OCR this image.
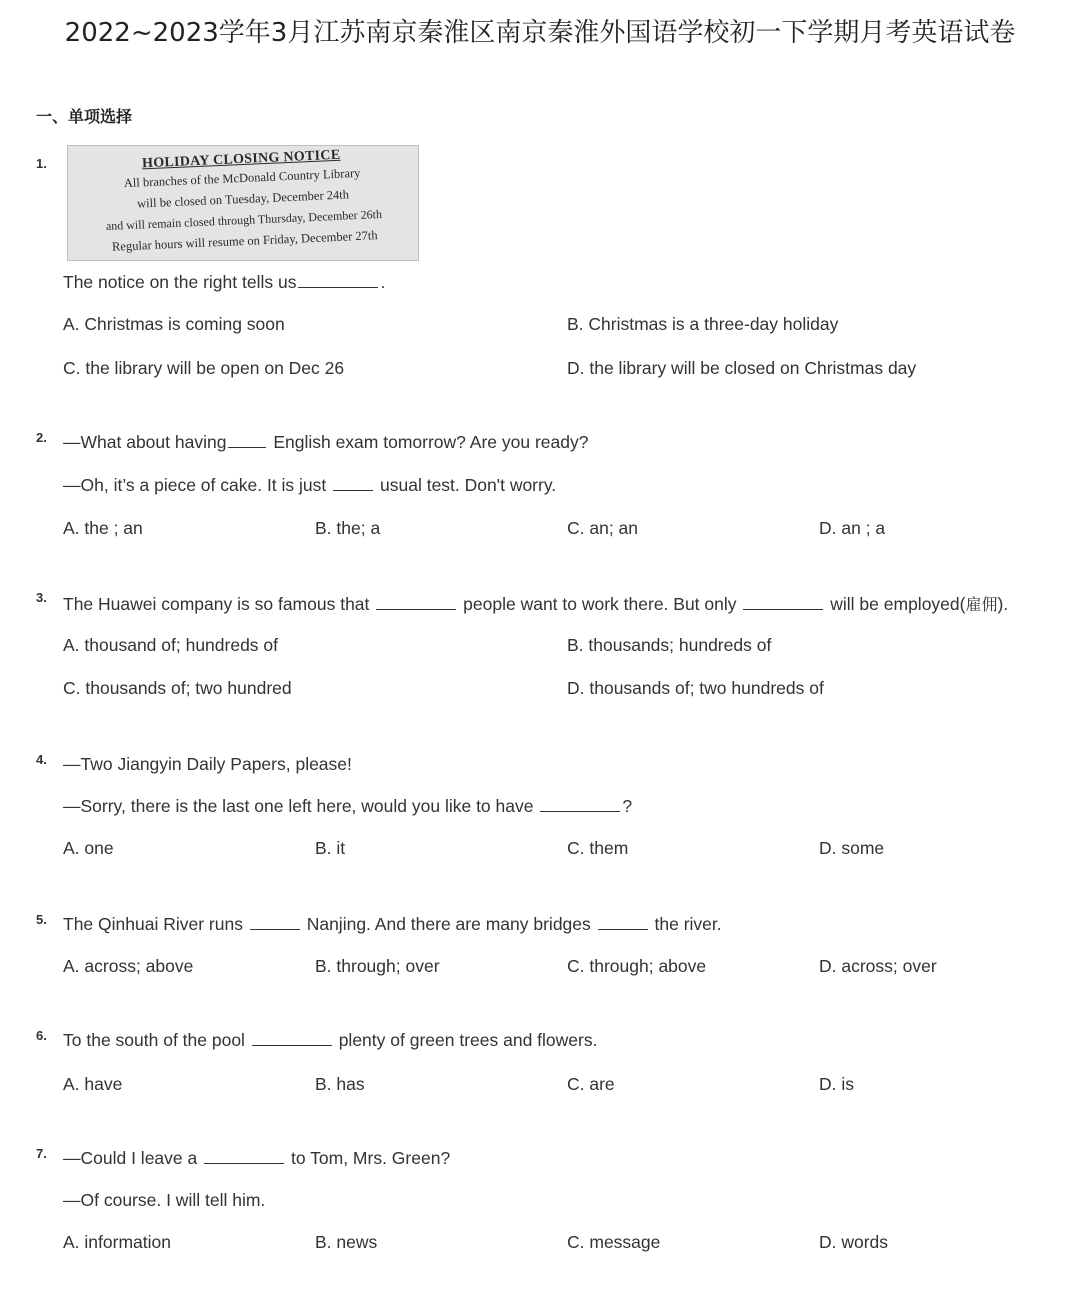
2022~2023学年3月江苏南京秦淮区南京秦淮外国语学校初一下学期月考英语试卷
一、单项选择
1.	HOLIDAY CLOSING NOTICE
All branches of the McDonald Country Library
will be closed on Tuesday, December 24th
and will remain closed through Thursday, December 26th
Regular hours will resume on Friday, December 27th
The notice on the right tells us	.
A. Christmas is coming soon	B. Christmas is a three-day holiday
C. the library will be open on Dec 26	D. the library will be closed on Christmas day
2. —What about having	English exam tomorrow? Are you ready?
—Oh, it’s a piece of cake. It is just	usual test. Don't worry.
A. the ; an	B. the; a	C. an; an	D. an ; a
3. The Huawei company is so famous that	people want to work there. But only	will be employed(雇佣).
A. thousand of; hundreds of	B. thousands; hundreds of
C. thousands of; two hundred	D. thousands of; two hundreds of
4. —Two Jiangyin Daily Papers, please!
—Sorry, there is the last one left here, would you like to have	?
A. one	B. it	C. them	D. some
5. The Qinhuai River runs	Nanjing. And there are many bridges	the river.
A. across; above	B. through; over	C. through; above	D. across; over
6. To the south of the pool	plenty of green trees and flowers.
A. have	B. has	C. are	D. is
7. —Could I leave a	to Tom, Mrs. Green?
—Of course. I will tell him.
A. information	B. news	C. message	D. words
